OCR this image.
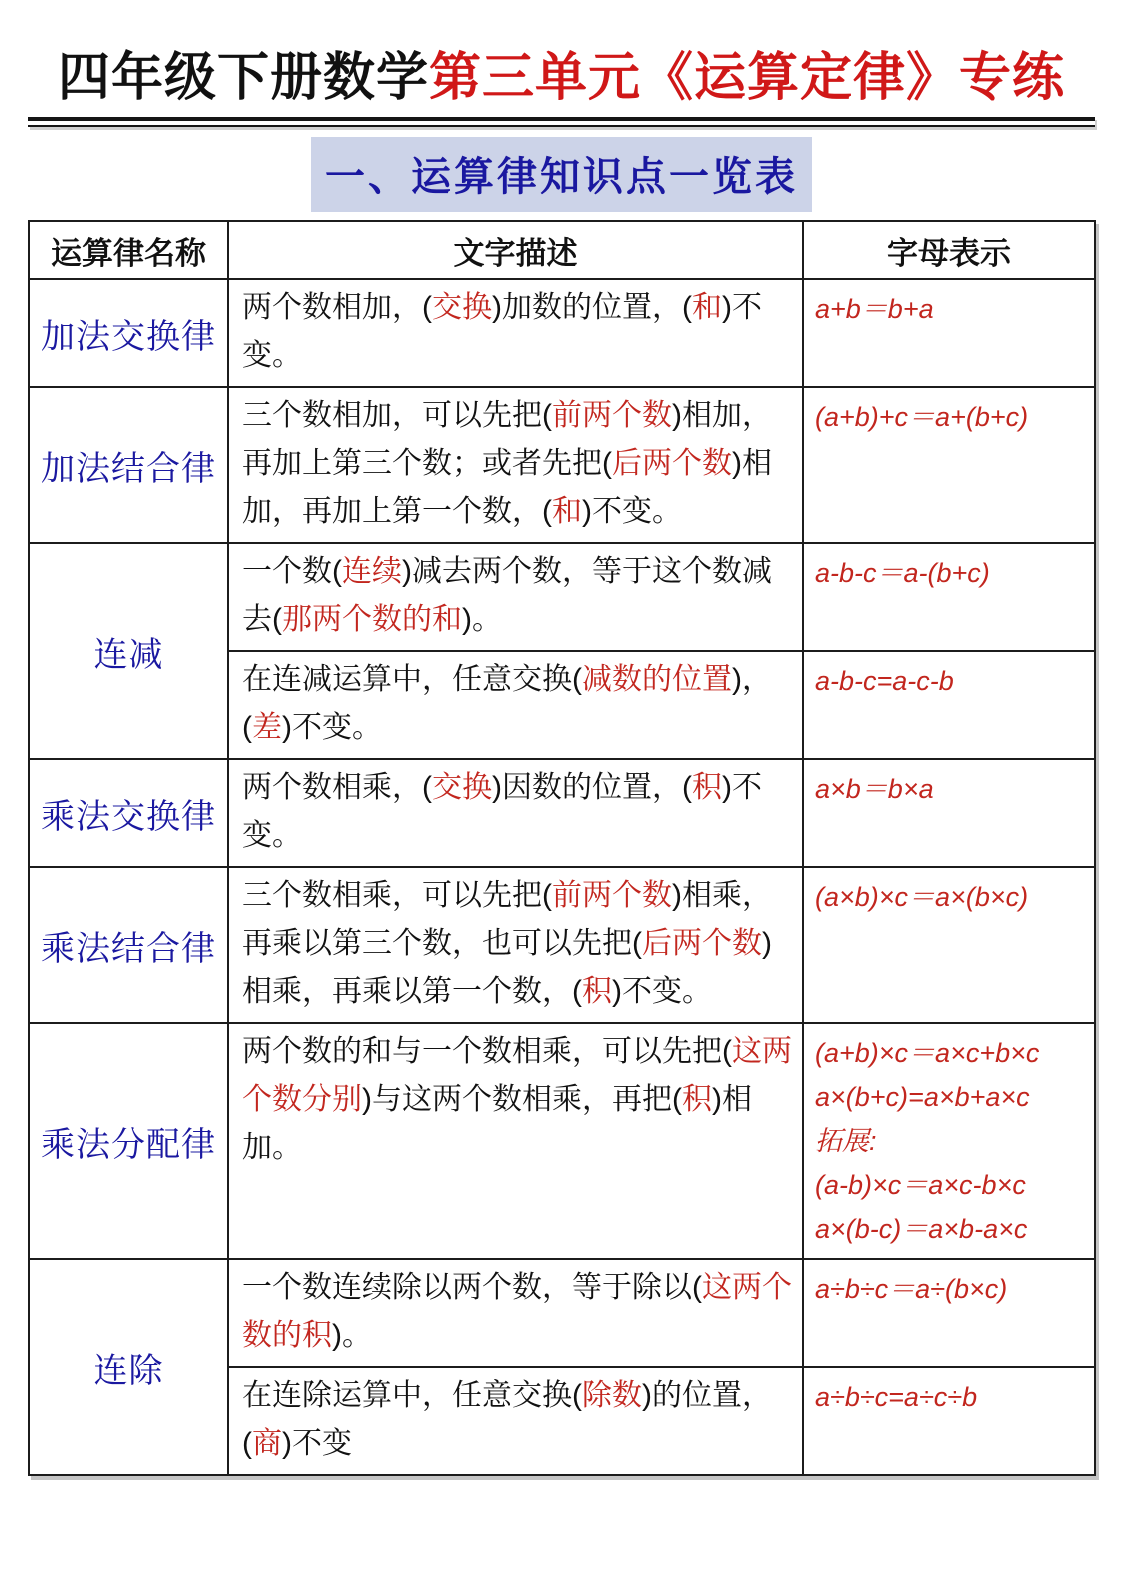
四年级下册数学第三单元《运算定律》专练
一、运算律知识点一览表
运算律名称	文字描述	字母表示
加法交换律	两个数相加，(交换)加数的位置，(和)不变。	a+b＝b+a

加法结合律	三个数相加，可以先把(前两个数)相加，再加上第三个数；或者先把(后两个数)相加，再加上第一个数，(和)不变。	(a+b)+c＝a+(b+c)

连减	一个数(连续)减去两个数，等于这个数减去(那两个数的和)。	a-b-c＝a-(b+c)

	在连减运算中，任意交换(减数的位置)，(差)不变。	a-b-c=a-c-b

乘法交换律	两个数相乘，(交换)因数的位置，(积)不变。	a×b＝b×a

乘法结合律	三个数相乘，可以先把(前两个数)相乘，再乘以第三个数，也可以先把(后两个数)相乘，再乘以第一个数，(积)不变。	(a×b)×c＝a×(b×c)

乘法分配律	两个数的和与一个数相乘，可以先把(这两个数分别)与这两个数相乘，再把(积)相加。	(a+b)×c＝a×c+b×c
a×(b+c)=a×b+a×c
拓展:
(a-b)×c＝a×c-b×c
a×(b-c)＝a×b-a×c

连除	一个数连续除以两个数，等于除以(这两个数的积)。	a÷b÷c＝a÷(b×c)

	在连除运算中，任意交换(除数)的位置，(商)不变	a÷b÷c=a÷c÷b
